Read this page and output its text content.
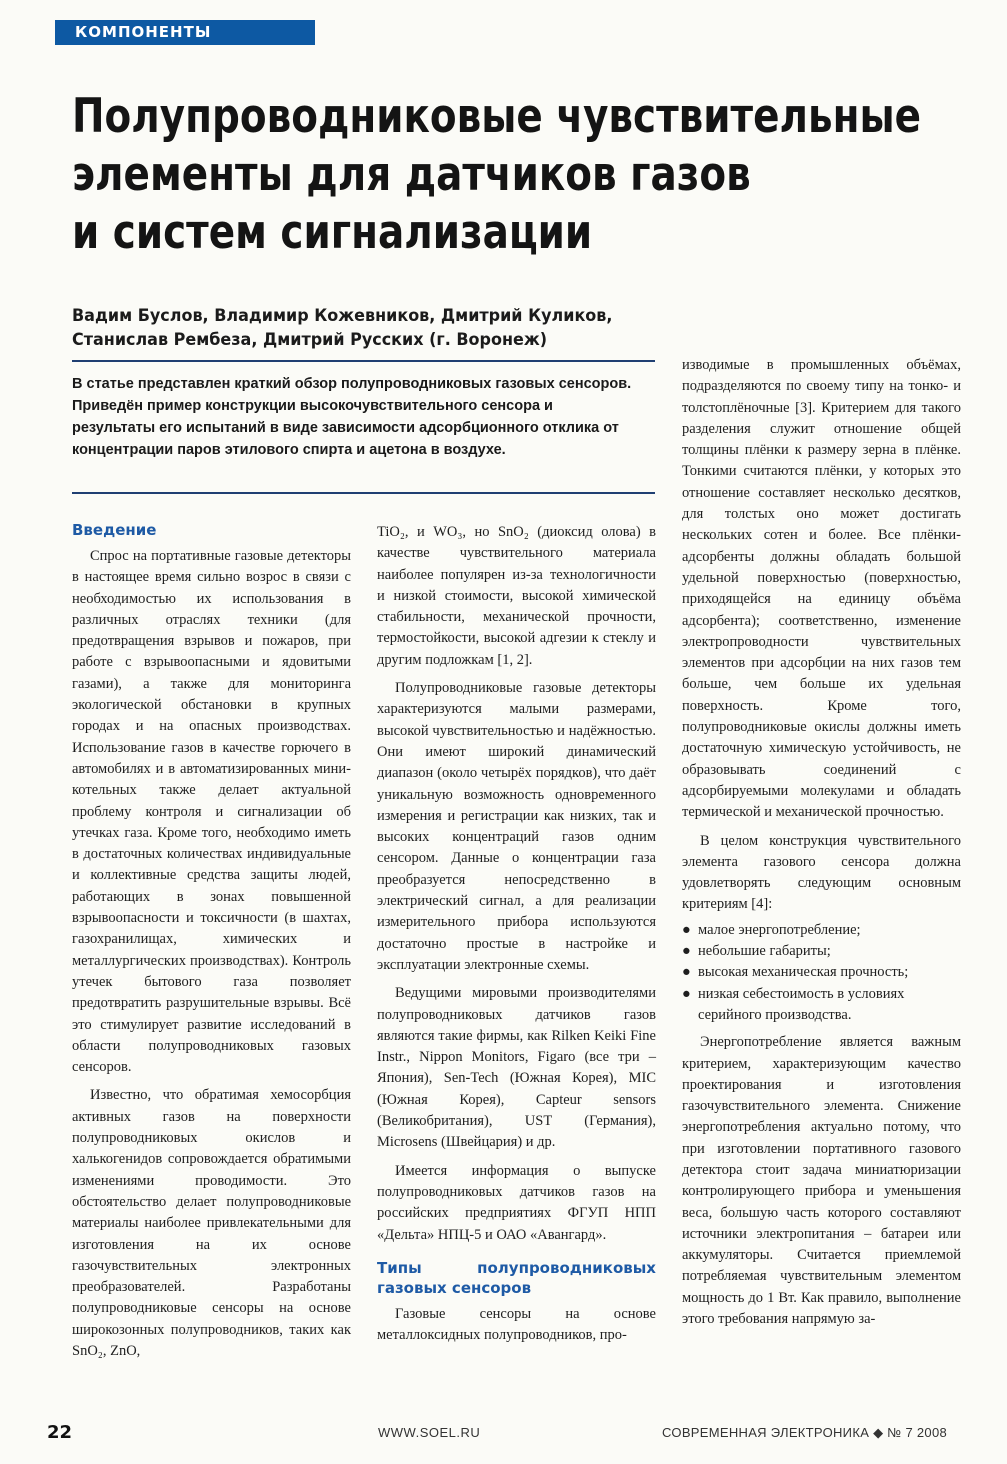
КОМПОНЕНТЫ
Полупроводниковые чувствительные
элементы для датчиков газов
и систем сигнализации
Вадим Буслов, Владимир Кожевников, Дмитрий Куликов,
Станислав Рембеза, Дмитрий Русских (г. Воронеж)
В статье представлен краткий обзор полупроводниковых газовых сенсоров. Приведён пример конструкции высокочувствительного сенсора и результаты его испытаний в виде зависимости адсорбционного отклика от концентрации паров этилового спирта и ацетона в воздухе.
Введение

Спрос на портативные газовые детекторы в настоящее время сильно возрос в связи с необходимостью их использования в различных отраслях техники (для предотвращения взрывов и пожаров, при работе с взрывоопасными и ядовитыми газами), а также для мониторинга экологической обстановки в крупных городах и на опасных производствах. Использование газов в качестве горючего в автомобилях и в автоматизированных мини-котельных также делает актуальной проблему контроля и сигнализации об утечках газа. Кроме того, необходимо иметь в достаточных количествах индивидуальные и коллективные средства защиты людей, работающих в зонах повышенной взрывоопасности и токсичности (в шахтах, газохранилищах, химических и металлургических производствах). Контроль утечек бытового газа позволяет предотвратить разрушительные взрывы. Всё это стимулирует развитие исследований в области полупроводниковых газовых сенсоров.

Известно, что обратимая хемосорбция активных газов на поверхности полупроводниковых окислов и халькогенидов сопровождается обратимыми изменениями проводимости. Это обстоятельство делает полупроводниковые материалы наиболее привлекательными для изготовления на их основе газочувствительных электронных преобразователей. Разработаны полупроводниковые сенсоры на основе широкозонных полупроводников, таких как SnO₂, ZnO,

TiO₂, и WO₃, но SnO₂ (диоксид олова) в качестве чувствительного материала наиболее популярен из-за технологичности и низкой стоимости, высокой химической стабильности, механической прочности, термостойкости, высокой адгезии к стеклу и другим подложкам [1, 2].

Полупроводниковые газовые детекторы характеризуются малыми размерами, высокой чувствительностью и надёжностью. Они имеют широкий динамический диапазон (около четырёх порядков), что даёт уникальную возможность одновременного измерения и регистрации как низких, так и высоких концентраций газов одним сенсором. Данные о концентрации газа преобразуется непосредственно в электрический сигнал, а для реализации измерительного прибора используются достаточно простые в настройке и эксплуатации электронные схемы.

Ведущими мировыми производителями полупроводниковых датчиков газов являются такие фирмы, как Rilken Keiki Fine Instr., Nippon Monitors, Figaro (все три – Япония), Sen-Tech (Южная Корея), MIC (Южная Корея), Capteur sensors (Великобритания), UST (Германия), Microsens (Швейцария) и др.

Имеется информация о выпуске полупроводниковых датчиков газов на российских предприятиях ФГУП НПП «Дельта» НПЦ-5 и ОАО «Авангард».

Типы полупроводниковых газовых сенсоров

Газовые сенсоры на основе металлоксидных полупроводников, про-

изводимые в промышленных объёмах, подразделяются по своему типу на тонко- и толстоплёночные [3]. Критерием для такого разделения служит отношение общей толщины плёнки к размеру зерна в плёнке. Тонкими считаются плёнки, у которых это отношение составляет несколько десятков, для толстых оно может достигать нескольких сотен и более. Все плёнки-адсорбенты должны обладать большой удельной поверхностью (поверхностью, приходящейся на единицу объёма адсорбента); соответственно, изменение электропроводности чувствительных элементов при адсорбции на них газов тем больше, чем больше их удельная поверхность. Кроме того, полупроводниковые окислы должны иметь достаточную химическую устойчивость, не образовывать соединений с адсорбируемыми молекулами и обладать термической и механической прочностью.

В целом конструкция чувствительного элемента газового сенсора должна удовлетворять следующим основным критериям [4]:

● малое энергопотребление;
● небольшие габариты;
● высокая механическая прочность;
● низкая себестоимость в условиях серийного производства.

Энергопотребление является важным критерием, характеризующим качество проектирования и изготовления газочувствительного элемента. Снижение энергопотребления актуально потому, что при изготовлении портативного газового детектора стоит задача миниатюризации контролирующего прибора и уменьшения веса, большую часть которого составляют источники электропитания – батареи или аккумуляторы. Считается приемлемой потребляемая чувствительным элементом мощность до 1 Вт. Как правило, выполнение этого требования напрямую за-

22	WWW.SOEL.RU	СОВРЕМЕННАЯ ЭЛЕКТРОНИКА ◆ № 7 2008
